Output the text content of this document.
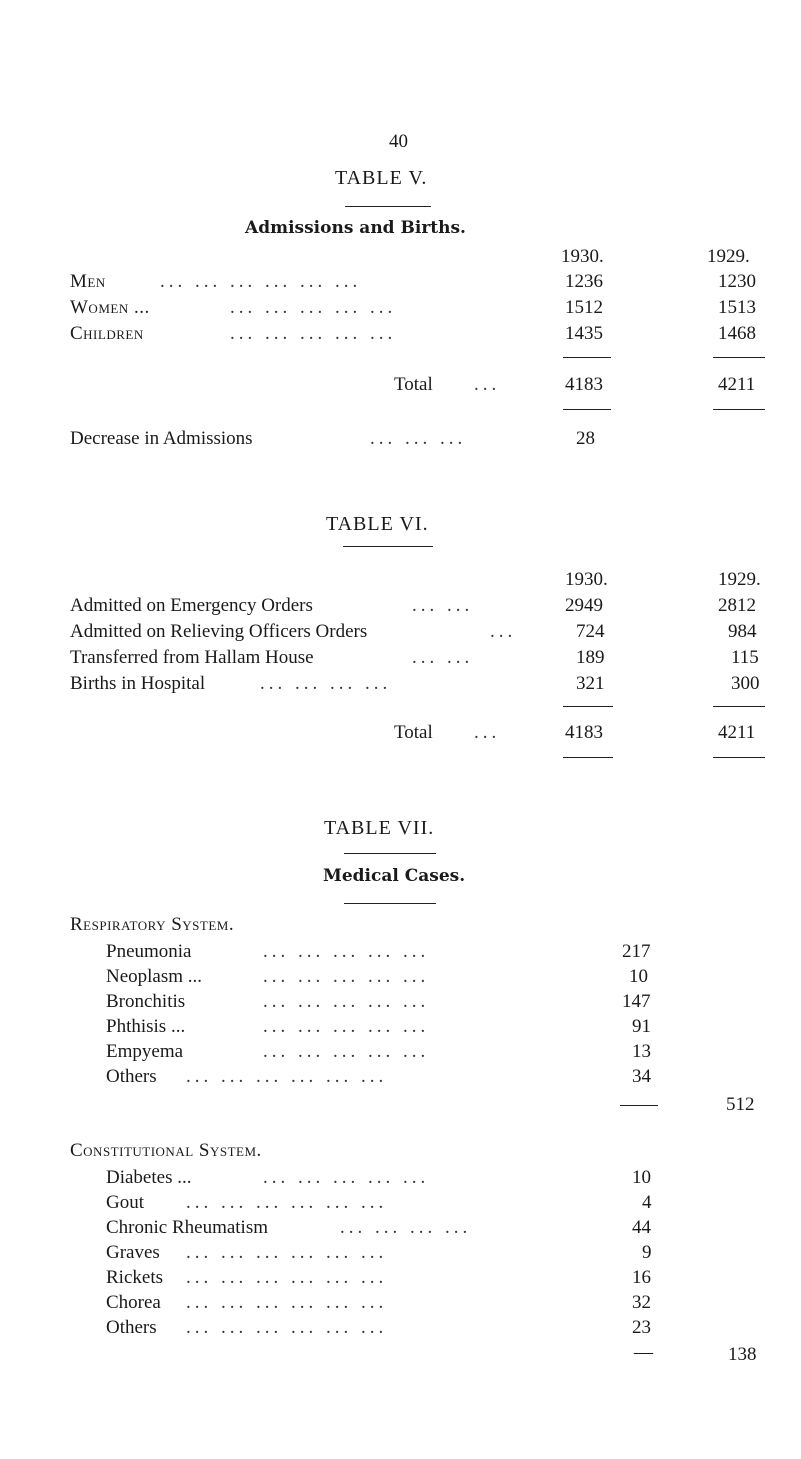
40
TABLE V.
Admissions and Births.
1930.	1929.
Men	... ... ... ... ... ...	1236	1230
Women ...	... ... ... ... ...	1512	1513
Children	... ... ... ... ...	1435	1468
Total ...	4183	4211
Decrease in Admissions	... ... ...	28
TABLE VI.
1930.	1929.
Admitted on Emergency Orders	... ...	2949	2812
Admitted on Relieving Officers Orders	...	724	984
Transferred from Hallam House	... ...	189	115
Births in Hospital	... ... ... ...	321	300
Total ...	4183	4211
TABLE VII.
Medical Cases.
Respiratory System.
Pneumonia	... ... ... ... ...	217
Neoplasm ...	... ... ... ... ...	10
Bronchitis	... ... ... ... ...	147
Phthisis ...	... ... ... ... ...	91
Empyema	... ... ... ... ...	13
Others ... ... ... ... ... ...	34
512
Constitutional System.
Diabetes ...	... ... ... ... ...	10
Gout ... ... ... ... ... ...	4
Chronic Rheumatism	... ... ... ...	44
Graves ... ... ... ... ... ...	9
Rickets ... ... ... ... ... ...	16
Chorea ... ... ... ... ... ...	32
Others ... ... ... ... ... ...	23
—	138
